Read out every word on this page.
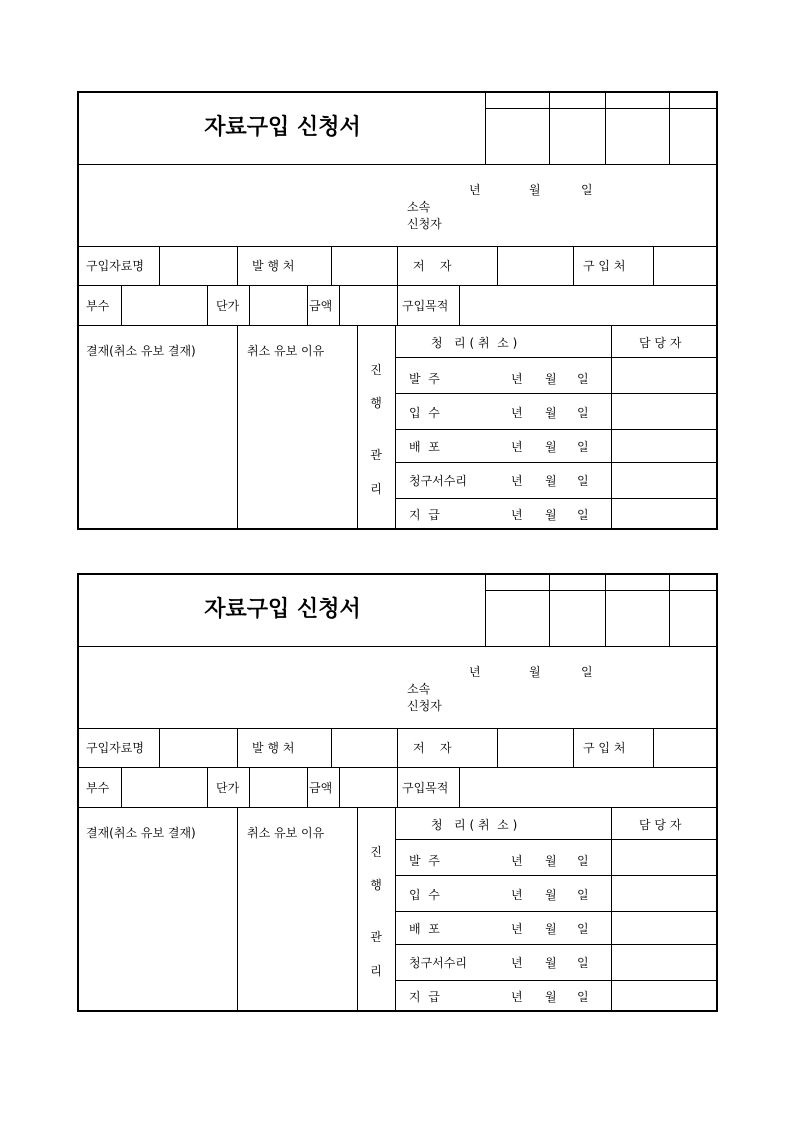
자료구입 신청서
년	월	일
소속
신청자
구입자료명	발 행 처	저    자	구 입 처
부수	단가	금액	구입목적
결재(취소 유보 결재)	취소 유보 이유
진
행
관
리
청   리 ( 취  소 )	담 당 자
발  주	년 월 일
입  수	년 월 일
배  포	년 월 일
청구서수리	년 월 일
지  급	년 월 일
자료구입 신청서
년	월	일
소속
신청자
구입자료명	발 행 처	저    자	구 입 처
부수	단가	금액	구입목적
결재(취소 유보 결재)	취소 유보 이유
진
행
관
리
청   리 ( 취  소 )	담 당 자
발  주	년 월 일
입  수	년 월 일
배  포	년 월 일
청구서수리	년 월 일
지  급	년 월 일
